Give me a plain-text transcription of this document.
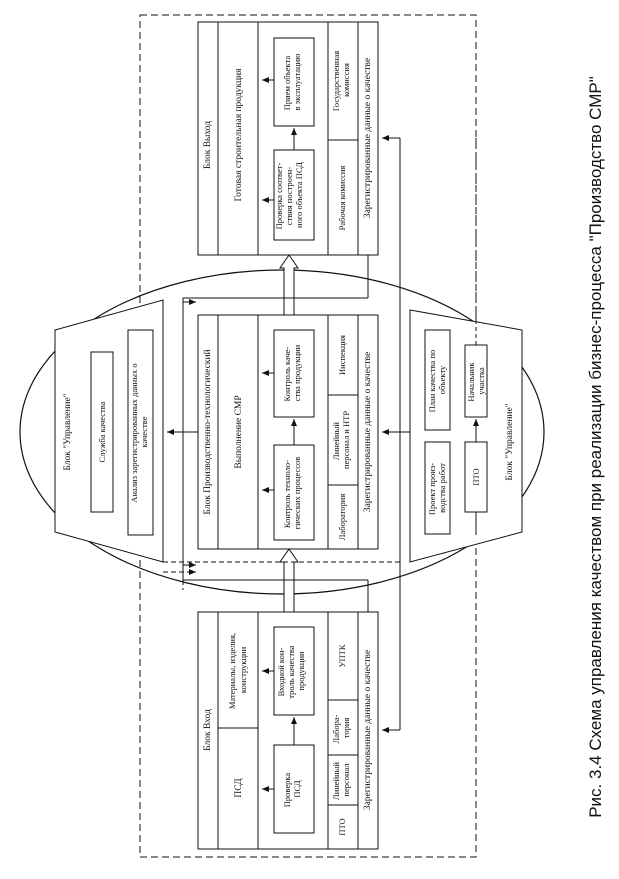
Блок Выход Готовая строительная продукция	Проверка соответ- ствия построен- ного объекта ПСД
Прием объекта в эксплуатацию
Рабочая комиссия
Государственная комиссия Зарегистрированные данные о качестве
Блок Производственно-технологический Выполнение СМР
Контроль техноло- гических процессов
Контроль каче- ства продукции
Лаборатория
Линейный персонал и НТР
Инспекция Зарегистрированные данные о качестве
Блок Вход
ПСД
Материалы, изделия, конструкции
Проверка ПСД
Входной кон- троль качества продукции
ПТО
Линейный персонал
Лабора- тория
УПТК Зарегистрированные данные о качестве
Блок "Управление"	Служба качества	Анализ зарегистрированных данных о качестве	Блок "Управление"
Проект произ- водства работ	ПТО
План качества по объекту Начальник участка	Рис. 3.4 Схема управления качеством при реализации бизнес-процесса "Производство СМР"
